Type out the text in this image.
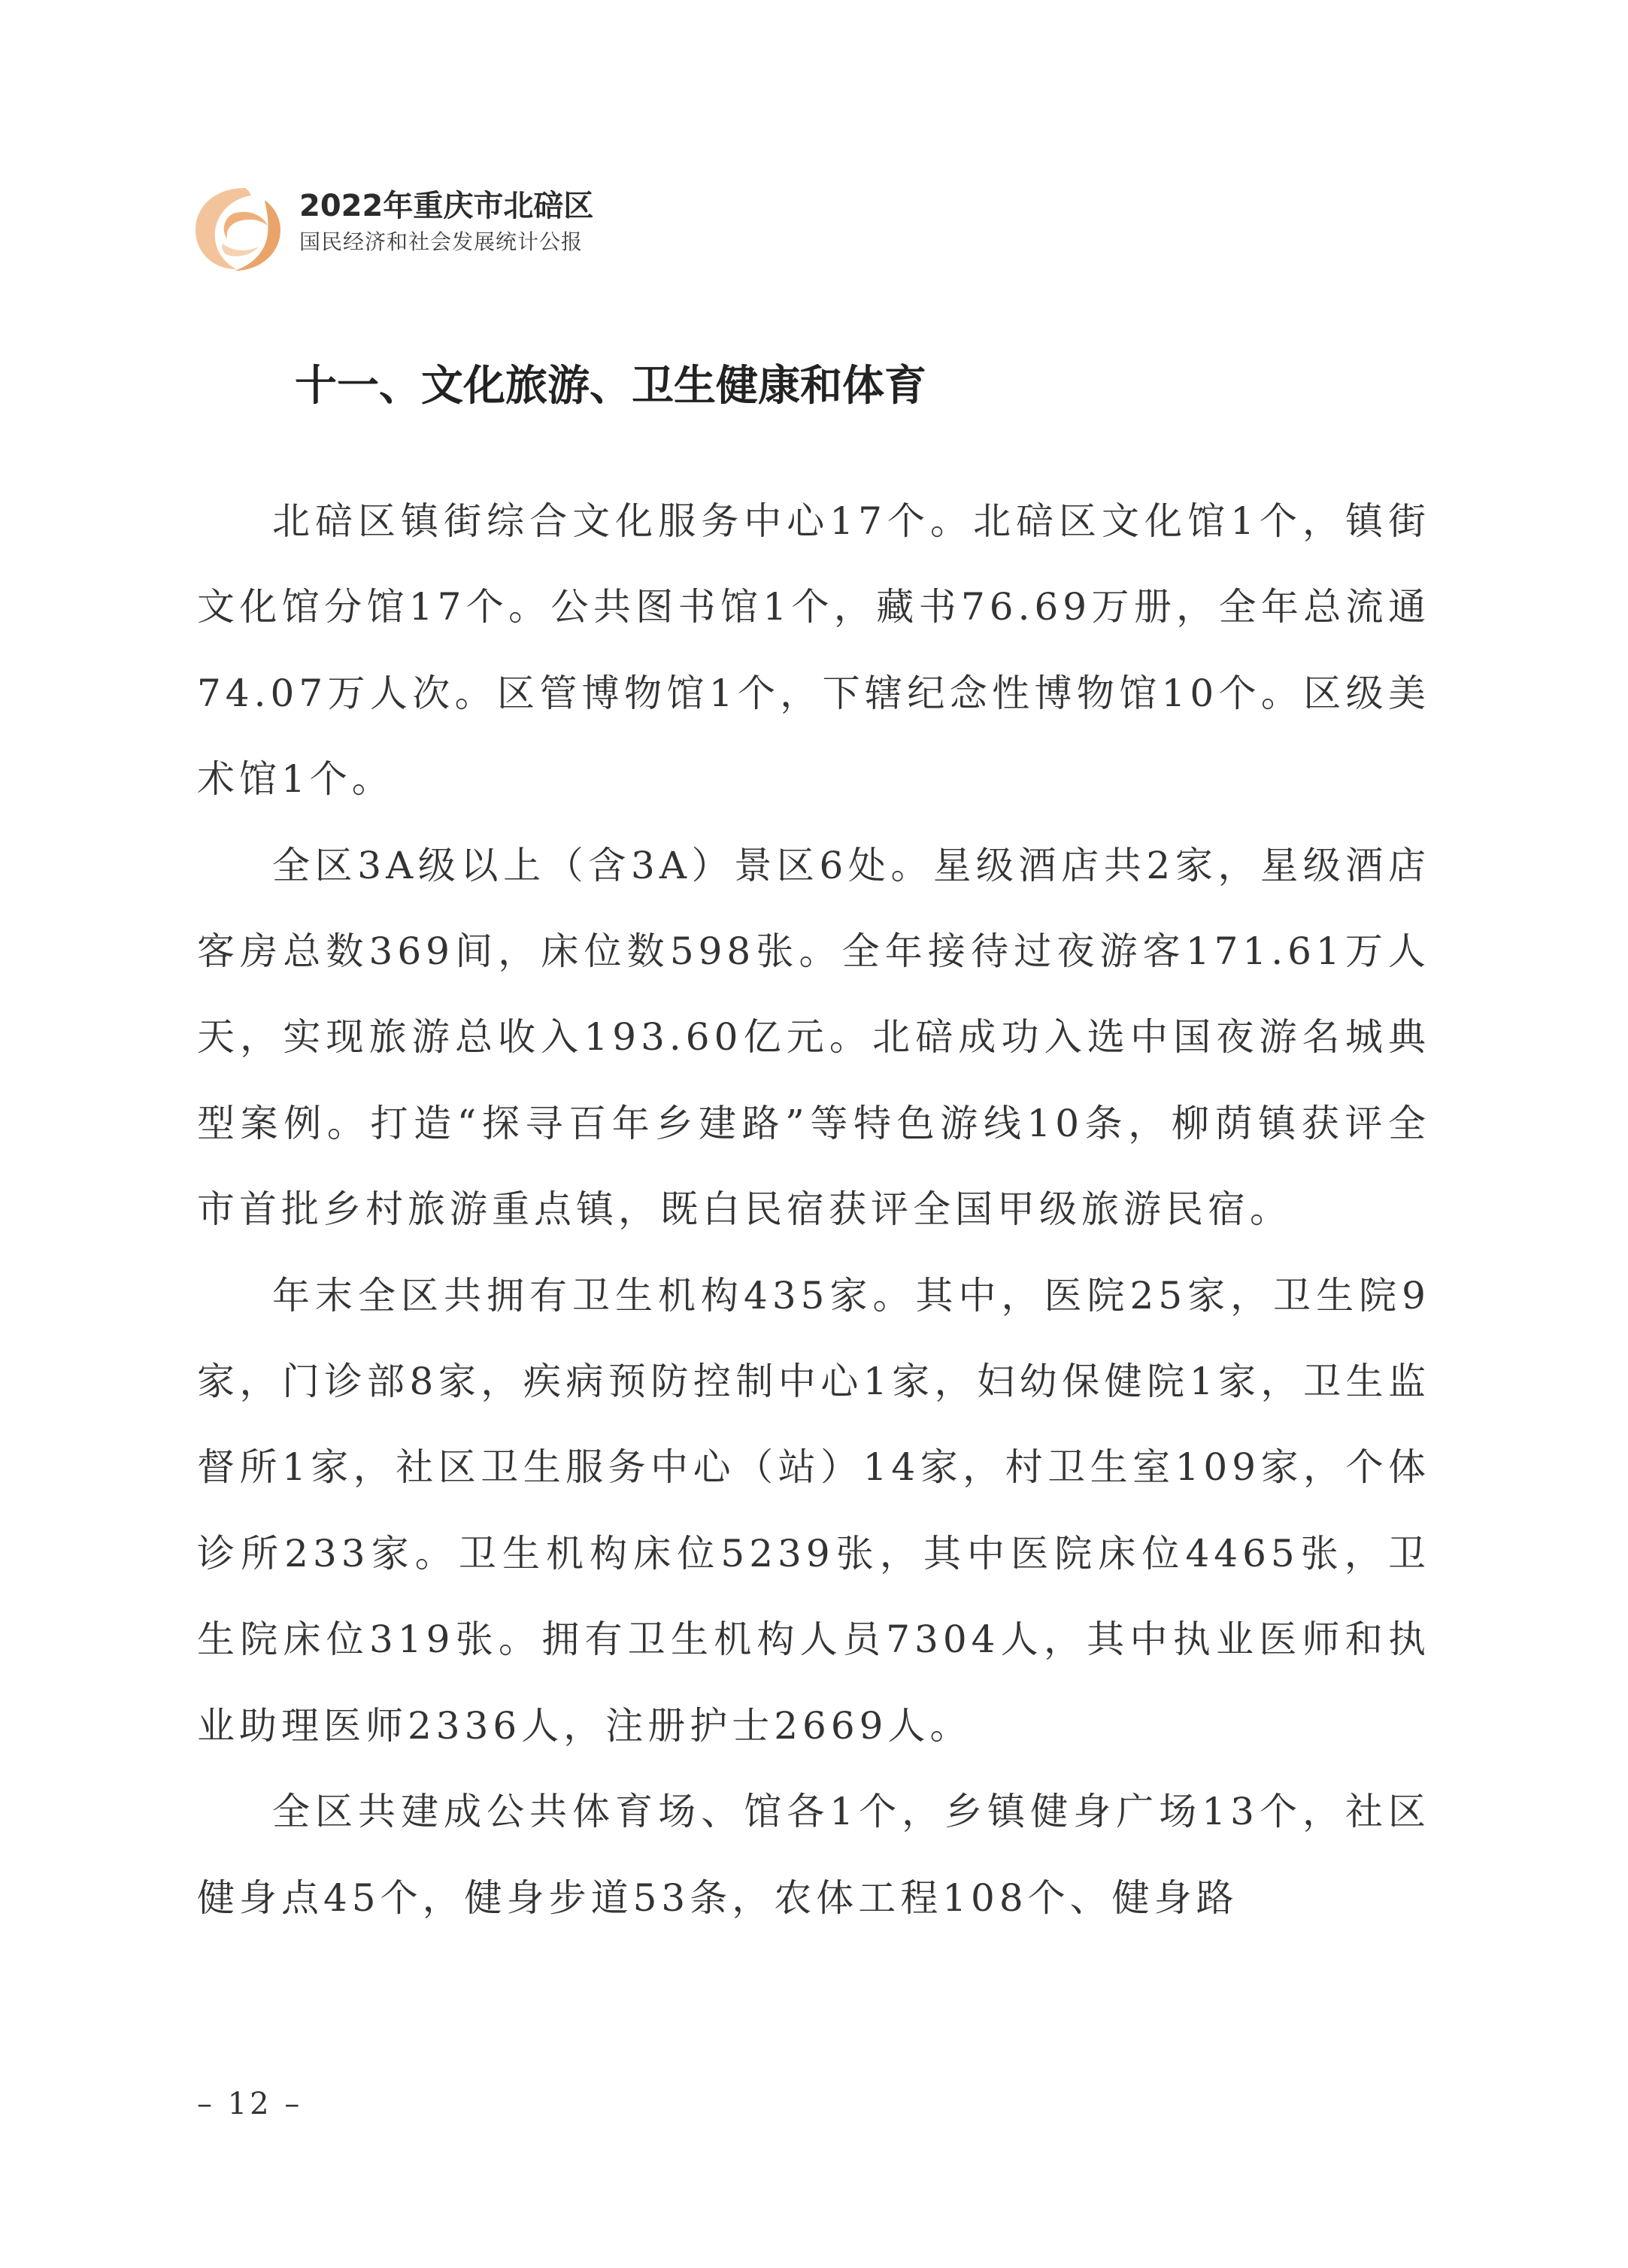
2022年重庆市北碚区
国民经济和社会发展统计公报
十一、文化旅游、卫生健康和体育

北碚区镇街综合文化服务中心17个。北碚区文化馆1个，镇街文化馆分馆17个。公共图书馆1个，藏书76.69万册，全年总流通74.07万人次。区管博物馆1个，下辖纪念性博物馆10个。区级美术馆1个。

全区3A级以上（含3A）景区6处。星级酒店共2家，星级酒店客房总数369间，床位数598张。全年接待过夜游客171.61万人天，实现旅游总收入193.60亿元。北碚成功入选中国夜游名城典型案例。打造“探寻百年乡建路”等特色游线10条，柳荫镇获评全市首批乡村旅游重点镇，既白民宿获评全国甲级旅游民宿。

年末全区共拥有卫生机构435家。其中，医院25家，卫生院9家，门诊部8家，疾病预防控制中心1家，妇幼保健院1家，卫生监督所1家，社区卫生服务中心（站）14家，村卫生室109家，个体诊所233家。卫生机构床位5239张，其中医院床位4465张，卫生院床位319张。拥有卫生机构人员7304人，其中执业医师和执业助理医师2336人，注册护士2669人。

全区共建成公共体育场、馆各1个，乡镇健身广场13个，社区健身点45个，健身步道53条，农体工程108个、健身路

– 12 –
